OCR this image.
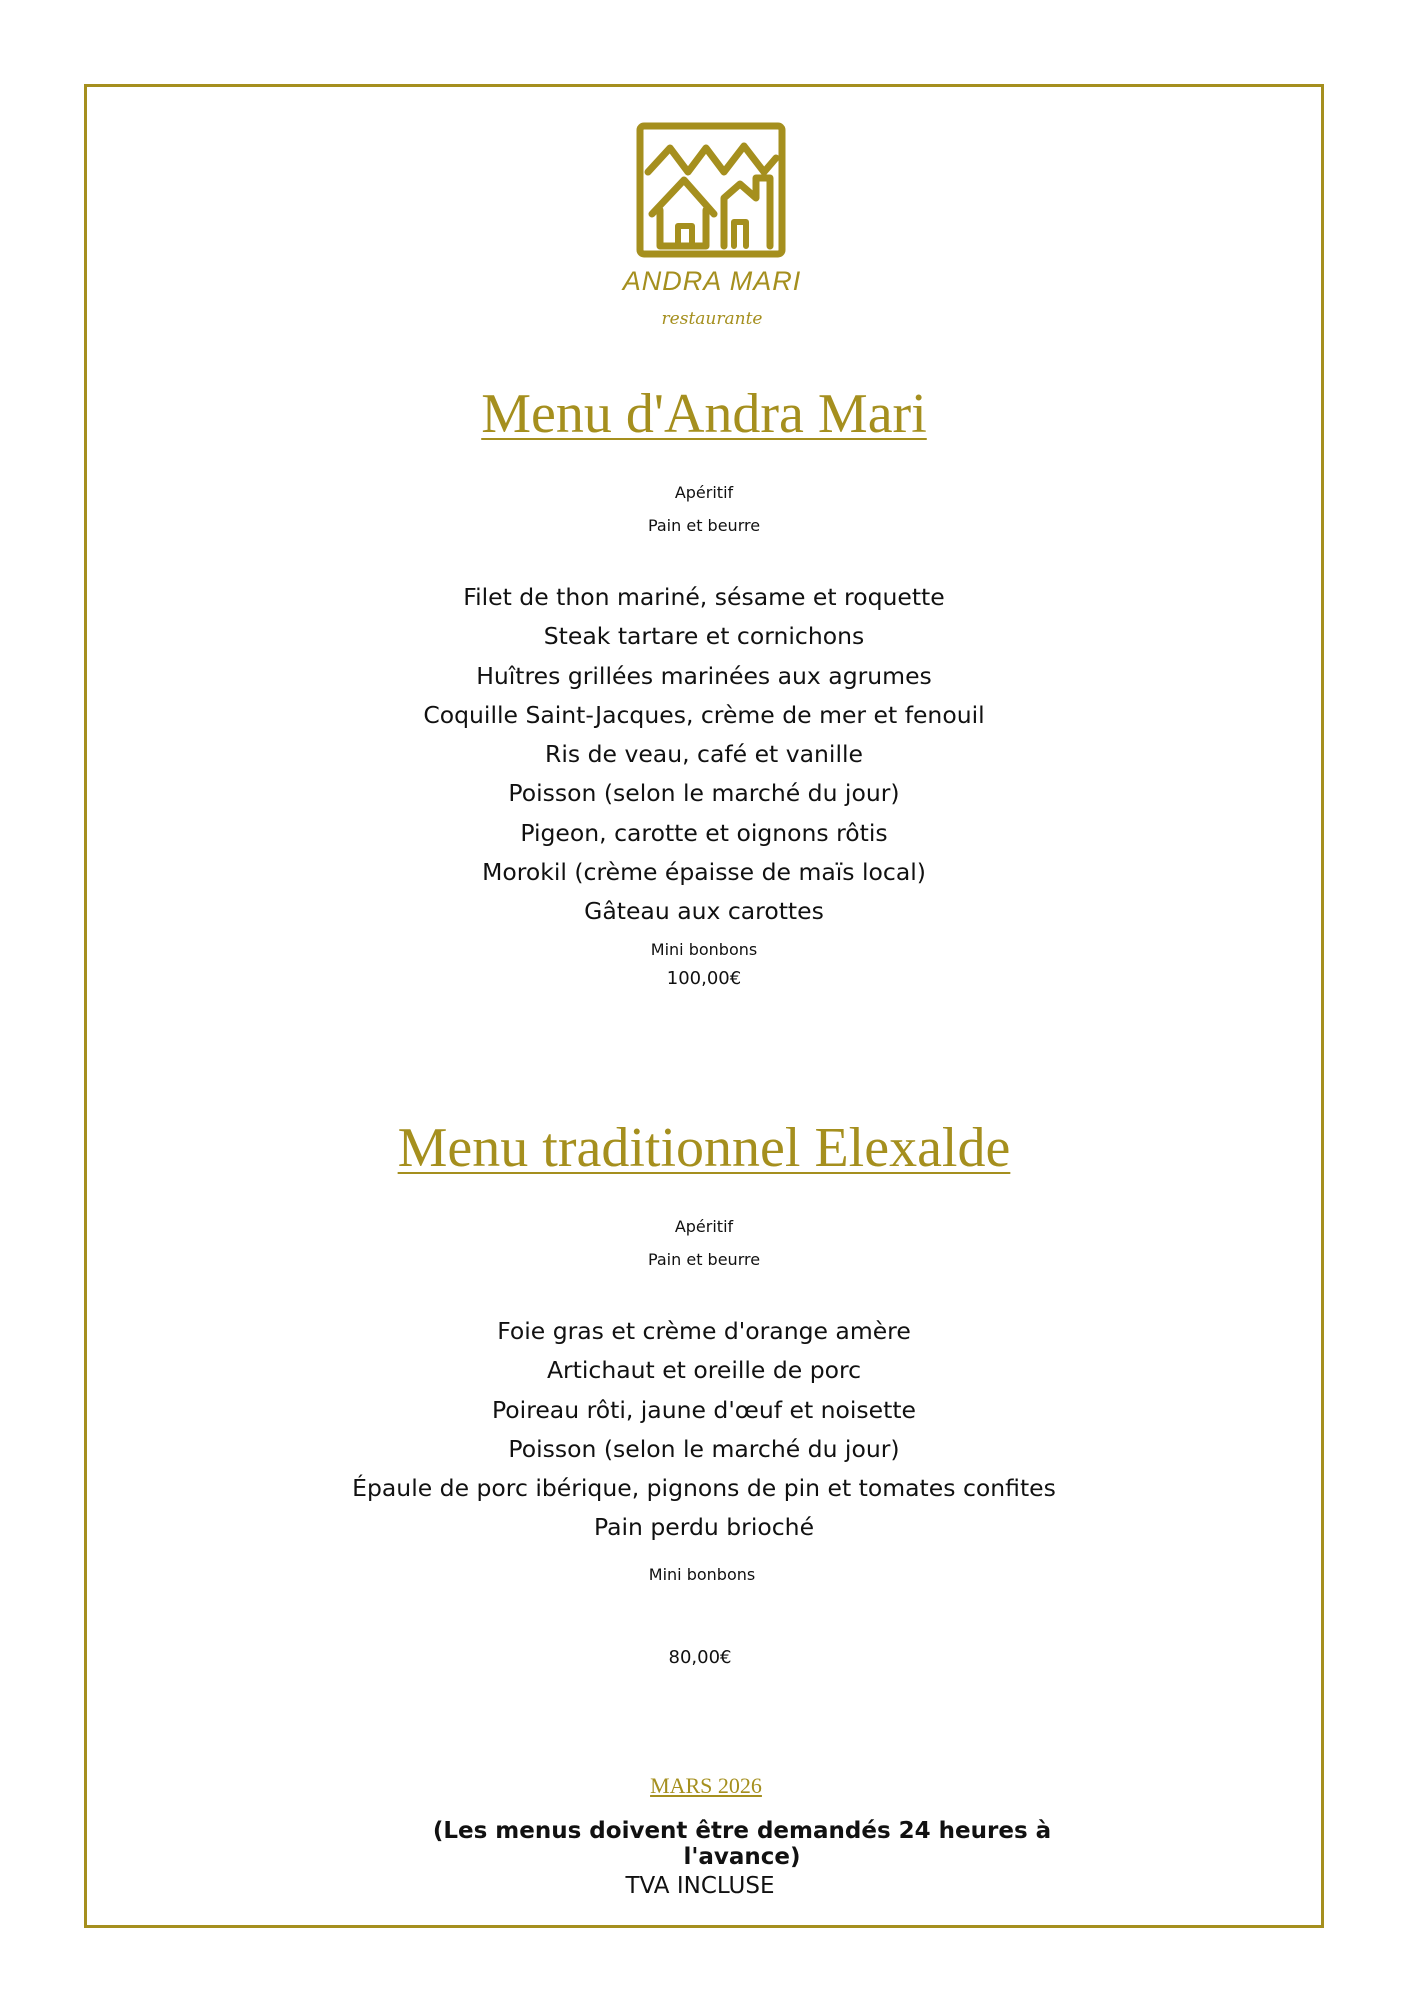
ANDRA MARI
restaurante
Menu d'Andra Mari
Apéritif
Pain et beurre
Filet de thon mariné, sésame et roquette
Steak tartare et cornichons
Huîtres grillées marinées aux agrumes
Coquille Saint-Jacques, crème de mer et fenouil
Ris de veau, café et vanille
Poisson (selon le marché du jour)
Pigeon, carotte et oignons rôtis
Morokil (crème épaisse de maïs local)
Gâteau aux carottes
Mini bonbons
100,00€
Menu traditionnel Elexalde
Apéritif
Pain et beurre
Foie gras et crème d'orange amère
Artichaut et oreille de porc
Poireau rôti, jaune d'œuf et noisette
Poisson (selon le marché du jour)
Épaule de porc ibérique, pignons de pin et tomates confites
Pain perdu brioché
Mini bonbons
80,00€
MARS 2026
(Les menus doivent être demandés 24 heures à l'avance)
TVA INCLUSE
